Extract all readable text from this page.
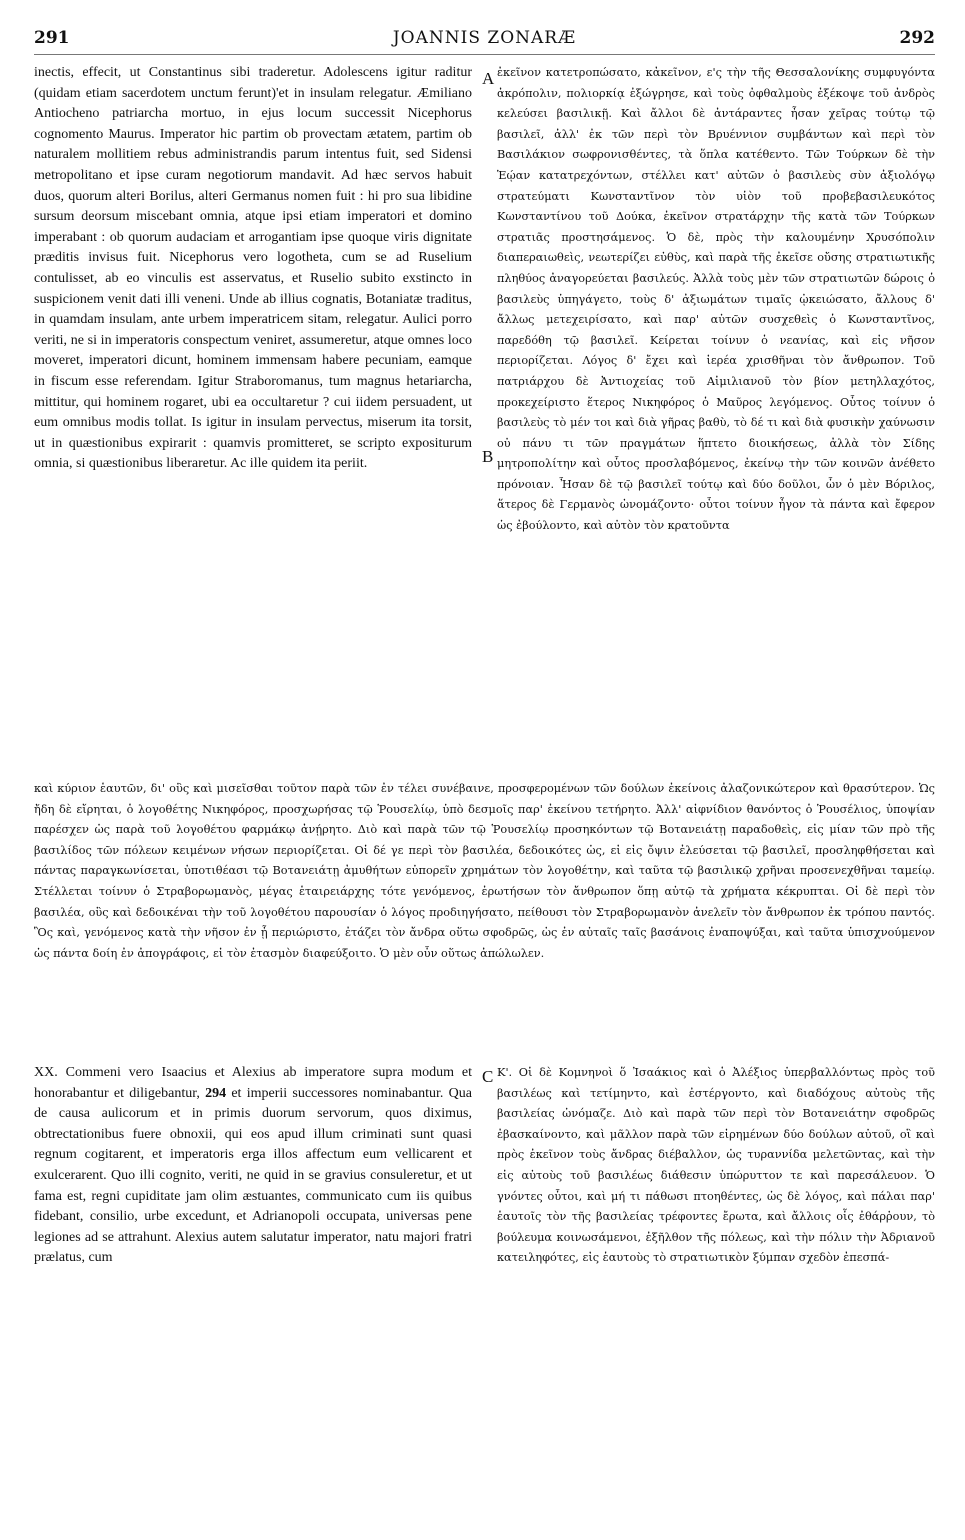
291	JOANNIS ZONARÆ	292

inectis, effecit, ut Constantinus sibi traderetur. Adolescens igitur raditur (quidam etiam sacerdotem unctum ferunt)'et in insulam relegatur. Æmiliano Antiocheno patriarcha mortuo, in ejus locum successit Nicephorus cognomento Maurus. Imperator hic partim ob provectam ætatem, partim ob naturalem mollitiem rebus administrandis parum intentus fuit, sed Sidensi metropolitano et ipse curam negotiorum mandavit. Ad hæc servos habuit duos, quorum alteri Borilus, alteri Germanus nomen fuit : hi pro sua libidine sursum deorsum miscebant omnia, atque ipsi etiam imperatori et domino imperabant : ob quorum audaciam et arrogantiam ipse quoque viris dignitate præditis invisus fuit. Nicephorus vero logotheta, cum se ad Ruselium contulisset, ab eo vinculis est asservatus, et Ruselio subito exstincto in suspicionem venit dati illi veneni. Unde ab illius cognatis, Botaniatæ traditus, in quamdam insulam, ante urbem imperatricem sitam, relegatur. Aulici porro veriti, ne si in imperatoris conspectum veniret, assumeretur, atque omnes loco moveret, imperatori dicunt, hominem immensam habere pecuniam, eamque in fiscum esse referendam. Igitur Straboromanus, tum magnus hetariarcha, mittitur, qui hominem rogaret, ubi ea occultaretur ? cui iidem persuadent, ut eum omnibus modis tollat. Is igitur in insulam pervectus, miserum ita torsit, ut in quæstionibus expirarit : quamvis promitteret, se scripto expositurum omnia, si quæstionibus liberaretur. Ac ille quidem ita periit.

ἐκεῖνον κατετροπώσατο, κἀκεῖνον, ε'ς τὴν τῆς Θεσσαλονίκης συμφυγόντα ἀκρόπολιν, πολιορκίᾳ ἐξώγρησε, καὶ τοὺς ὀφθαλμοὺς ἐξέκοψε τοῦ ἀνδρὸς κελεύσει βασιλικῇ. Καὶ ἄλλοι δὲ ἀντάραντες ἦσαν χεῖρας τούτῳ τῷ βασιλεῖ, ἀλλ' ἐκ τῶν περὶ τὸν Βρυέννιον συμβάντων καὶ περὶ τὸν Βασιλάκιον σωφρονισθέντες, τὰ ὅπλα κατέθεντο. Τῶν Τούρκων δὲ τὴν Ἑῴαν κατατρεχόντων, στέλλει κατ' αὐτῶν ὁ βασιλεὺς σὺν ἀξιολόγῳ στρατεύματι Κωνσταντῖνον τὸν υἱὸν τοῦ προβεβασιλευκότος Κωνσταντίνου τοῦ Δούκα, ἐκεῖνον στρατάρχην τῆς κατὰ τῶν Τούρκων στρατιᾶς προστησάμενος. Ὁ δὲ, πρὸς τὴν καλουμένην Χρυσόπολιν διαπεραιωθεὶς, νεωτερίζει εὐθὺς, καὶ παρὰ τῆς ἐκεῖσε οὔσης στρατιωτικῆς πληθύος ἀναγορεύεται βασιλεύς. Ἀλλὰ τοὺς μὲν τῶν στρατιωτῶν δώροις ὁ βασιλεὺς ὑπηγάγετο, τοὺς δ' ἀξιωμάτων τιμαῖς ᾠκειώσατο, ἄλλους δ' ἄλλως μετεχειρίσατο, καὶ παρ' αὐτῶν συσχεθεὶς ὁ Κωνσταντῖνος, παρεδόθη τῷ βασιλεῖ. Κείρεται τοίνυν ὁ νεανίας, καὶ εἰς νῆσον περιορίζεται. Λόγος δ' ἔχει καὶ ἱερέα χρισθῆναι τὸν ἄνθρωπον. Τοῦ πατριάρχου δὲ Ἀντιοχείας τοῦ Αἰμιλιανοῦ τὸν βίον μετηλλαχότος, προκεχείριστο ἕτερος Νικηφόρος ὁ Μαῦρος λεγόμενος. Οὗτος τοίνυν ὁ βασιλεὺς τὸ μέν τοι καὶ διὰ γῆρας βαθὺ, τὸ δέ τι καὶ διὰ φυσικὴν χαύνωσιν οὐ πάνυ τι τῶν πραγμάτων ἥπτετο διοικήσεως, ἀλλὰ τὸν Σίδης μητροπολίτην καὶ οὗτος προσλαβόμενος, ἐκείνῳ τὴν τῶν κοινῶν ἀνέθετο πρόνοιαν. Ἦσαν δὲ τῷ βασιλεῖ τούτῳ καὶ δύο δοῦλοι, ὧν ὁ μὲν Βόριλος, ἅτερος δὲ Γερμανὸς ὠνομάζοντο· οὗτοι τοίνυν ἦγον τὰ πάντα καὶ ἔφερον ὡς ἐβούλοντο, καὶ αὐτὸν τὸν κρατοῦντα

A
B

καὶ κύριον ἑαυτῶν, δι' οὓς καὶ μισεῖσθαι τοῦτον παρὰ τῶν ἐν τέλει συνέβαινε, προσφερομένων τῶν δούλων ἐκείνοις ἀλαζονικώτερον καὶ θρασύτερον. Ὡς ἤδη δὲ εἴρηται, ὁ λογοθέτης Νικηφόρος, προσχωρήσας τῷ Ῥουσελίῳ, ὑπὸ δεσμοῖς παρ' ἐκείνου τετήρητο. Ἀλλ' αἰφνίδιον θανόντος ὁ Ῥουσέλιος, ὑποψίαν παρέσχεν ὡς παρὰ τοῦ λογοθέτου φαρμάκῳ ἀνῄρητο. Διὸ καὶ παρὰ τῶν τῷ Ῥουσελίῳ προσηκόντων τῷ Βοτανειάτῃ παραδοθεὶς, εἰς μίαν τῶν πρὸ τῆς βασιλίδος τῶν πόλεων κειμένων νήσων περιορίζεται. Οἱ δέ γε περὶ τὸν βασιλέα, δεδοικότες ὡς, εἰ εἰς ὄψιν ἐλεύσεται τῷ βασιλεῖ, προσληφθήσεται καὶ πάντας παραγκωνίσεται, ὑποτιθέασι τῷ Βοτανειάτῃ ἀμυθήτων εὐπορεῖν χρημάτων τὸν λογοθέτην, καὶ ταῦτα τῷ βασιλικῷ χρῆναι προσενεχθῆναι ταμείῳ. Στέλλεται τοίνυν ὁ Στραβορωμανὸς, μέγας ἑταιρειάρχης τότε γενόμενος, ἐρωτήσων τὸν ἄνθρωπον ὅπῃ αὐτῷ τὰ χρήματα κέκρυπται. Οἱ δὲ περὶ τὸν βασιλέα, οὓς καὶ δεδοικέναι τὴν τοῦ λογοθέτου παρουσίαν ὁ λόγος προδιηγήσατο, πείθουσι τὸν Στραβορωμανὸν ἀνελεῖν τὸν ἄνθρωπον ἐκ τρόπου παντός. Ὃς καὶ, γενόμενος κατὰ τὴν νῆσον ἐν ᾗ περιώριστο, ἐτάζει τὸν ἄνδρα οὕτω σφοδρῶς, ὡς ἐν αὐταῖς ταῖς βασάνοις ἐναποψύξαι, καὶ ταῦτα ὑπισχνούμενον ὡς πάντα δοίη ἐν ἀπογράφοις, εἰ τὸν ἐτασμὸν διαφεύξοιτο. Ὁ μὲν οὖν οὕτως ἀπώλωλεν.

XX. Commeni vero Isaacius et Alexius ab imperatore supra modum et honorabantur et diligebantur, 294 et imperii successores nominabantur. Qua de causa aulicorum et in primis duorum servorum, quos diximus, obtrectationibus fuere obnoxii, qui eos apud illum criminati sunt quasi regnum cogitarent, et imperatoris erga illos affectum eum vellicarent et exulcerarent. Quo illi cognito, veriti, ne quid in se gravius consuleretur, et ut fama est, regni cupiditate jam olim æstuantes, communicato cum iis quibus fidebant, consilio, urbe excedunt, et Adrianopoli occupata, universas pene legiones ad se attrahunt. Alexius autem salutatur imperator, natu majori fratri prælatus, cum

Κ'. Οἱ δὲ Κομνηνοὶ ὅ Ἰσαάκιος καὶ ὁ Ἀλέξιος ὑπερβαλλόντως πρὸς τοῦ βασιλέως καὶ τετίμηντο, καὶ ἐστέργοντο, καὶ διαδόχους αὐτοὺς τῆς βασιλείας ὠνόμαζε. Διὸ καὶ παρὰ τῶν περὶ τὸν Βοτανειάτην σφοδρῶς ἐβασκαίνοντο, καὶ μᾶλλον παρὰ τῶν εἰρημένων δύο δούλων αὐτοῦ, οἳ καὶ πρὸς ἐκεῖνον τοὺς ἄνδρας διέβαλλον, ὡς τυραννίδα μελετῶντας, καὶ τὴν εἰς αὐτοὺς τοῦ βασιλέως διάθεσιν ὑπώρυττον τε καὶ παρεσάλευον. Ὁ γνόντες οὗτοι, καὶ μή τι πάθωσι πτοηθέντες, ὡς δὲ λόγος, καὶ πάλαι παρ' ἑαυτοῖς τὸν τῆς βασιλείας τρέφοντες ἔρωτα, καὶ ἄλλοις οἷς ἐθάρῥουν, τὸ βούλευμα κοινωσάμενοι, ἐξῆλθον τῆς πόλεως, καὶ τὴν πόλιν τὴν Ἀδριανοῦ κατειληφότες, εἰς ἑαυτοὺς τὸ στρατιωτικὸν ξύμπαν σχεδὸν ἐπεσπά-

C
